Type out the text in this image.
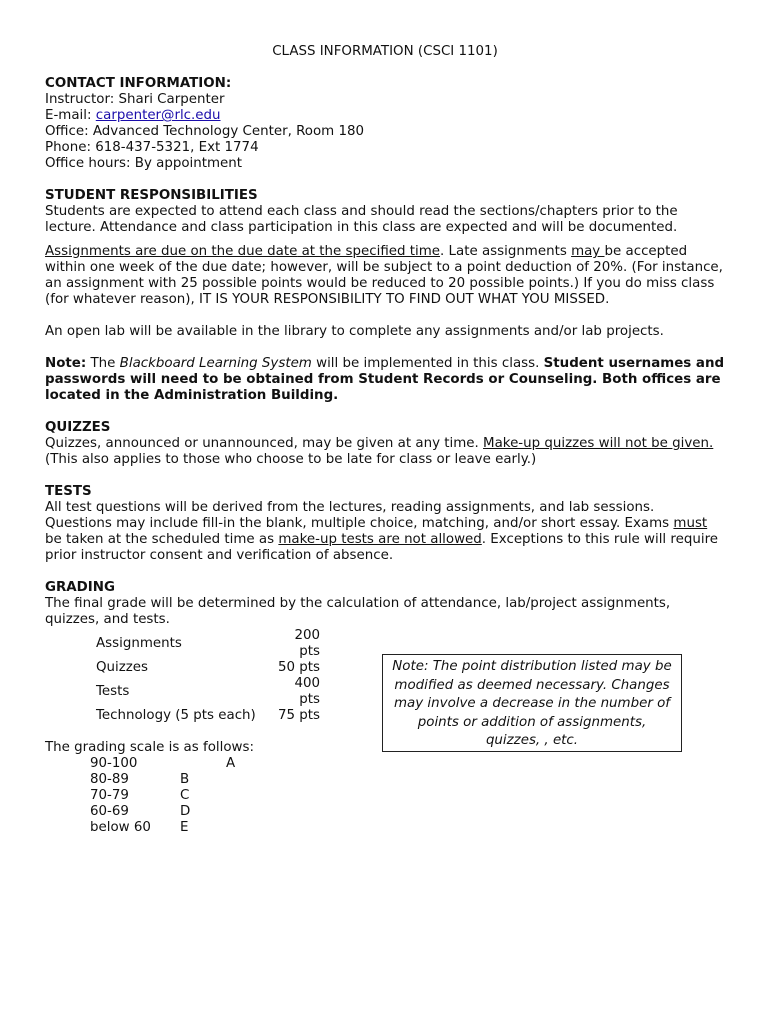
CLASS INFORMATION (CSCI 1101)
CONTACT INFORMATION:

Instructor: Shari Carpenter

E-mail: carpenter@rlc.edu

Office: Advanced Technology Center, Room 180

Phone: 618-437-5321, Ext 1774

Office hours: By appointment

STUDENT RESPONSIBILITIES

Students are expected to attend each class and should read the sections/chapters prior to the lecture. Attendance and class participation in this class are expected and will be documented.

Assignments are due on the due date at the specified time. Late assignments may be accepted within one week of the due date; however, will be subject to a point deduction of 20%. (For instance, an assignment with 25 possible points would be reduced to 20 possible points.) If you do miss class (for whatever reason), IT IS YOUR RESPONSIBILITY TO FIND OUT WHAT YOU MISSED.

An open lab will be available in the library to complete any assignments and/or lab projects.

Note: The Blackboard Learning System will be implemented in this class. Student usernames and passwords will need to be obtained from Student Records or Counseling. Both offices are located in the Administration Building.

QUIZZES

Quizzes, announced or unannounced, may be given at any time. Make-up quizzes will not be given. (This also applies to those who choose to be late for class or leave early.)

TESTS

All test questions will be derived from the lectures, reading assignments, and lab sessions. Questions may include fill-in the blank, multiple choice, matching, and/or short essay. Exams must be taken at the scheduled time as make-up tests are not allowed. Exceptions to this rule will require prior instructor consent and verification of absence.

GRADING

The final grade will be determined by the calculation of attendance, lab/project assignments, quizzes, and tests.

Assignments	200 pts
Quizzes	50 pts
Tests	400 pts
Technology (5 pts each)	75 pts

The grading scale is as follows:

90-100	A
80-89	B
70-79	C
60-69	D
below 60	E
Note: The point distribution listed may be modified as deemed necessary. Changes may involve a decrease in the number of points or addition of assignments, quizzes, , etc.
